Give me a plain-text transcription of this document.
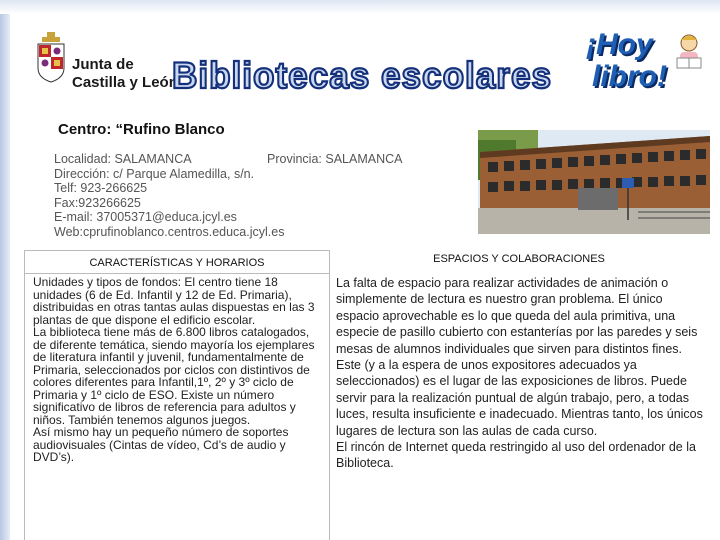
Junta de
Castilla y León
Bibliotecas escolares
¡Hoy
libro!
Centro: “Rufino Blanco
Localidad: SALAMANCA	Provincia: SALAMANCA
Dirección: c/ Parque Alamedilla, s/n.
Telf: 923-266625
Fax:923266625
E-mail: 37005371@educa.jcyl.es
Web:cprufinoblanco.centros.educa.jcyl.es
CARACTERÍSTICAS Y HORARIOS

Unidades y tipos de fondos: El centro tiene 18 unidades (6 de Ed. Infantil y 12 de Ed. Primaria), distribuidas en otras tantas aulas dispuestas en las 3 plantas de que dispone el edificio escolar.

La biblioteca tiene más de 6.800 libros catalogados, de diferente temática, siendo mayoría los ejemplares de literatura infantil y juvenil, fundamentalmente de Primaria, seleccionados por ciclos con distintivos de colores diferentes para Infantil,1º, 2º y 3º ciclo de Primaria y 1º ciclo de ESO. Existe un número significativo de libros de referencia para adultos y niños. También tenemos algunos juegos.

Así mismo hay un pequeño número de soportes audiovisuales (Cintas de vídeo, Cd’s de audio y DVD’s).

ESPACIOS Y COLABORACIONES

La falta de espacio para realizar actividades de animación o simplemente de lectura es nuestro gran problema. El único espacio aprovechable es lo que queda del aula primitiva, una especie de pasillo cubierto con estanterías por las paredes y seis mesas de alumnos individuales que sirven para distintos fines. Este (y a la espera de unos expositores adecuados ya seleccionados) es el lugar de las exposiciones de libros. Puede servir para la realización puntual de algún trabajo, pero, a todas luces, resulta insuficiente e inadecuado. Mientras tanto, los únicos lugares de lectura son las aulas de cada curso.

El rincón de Internet queda restringido al uso del ordenador de la Biblioteca.
